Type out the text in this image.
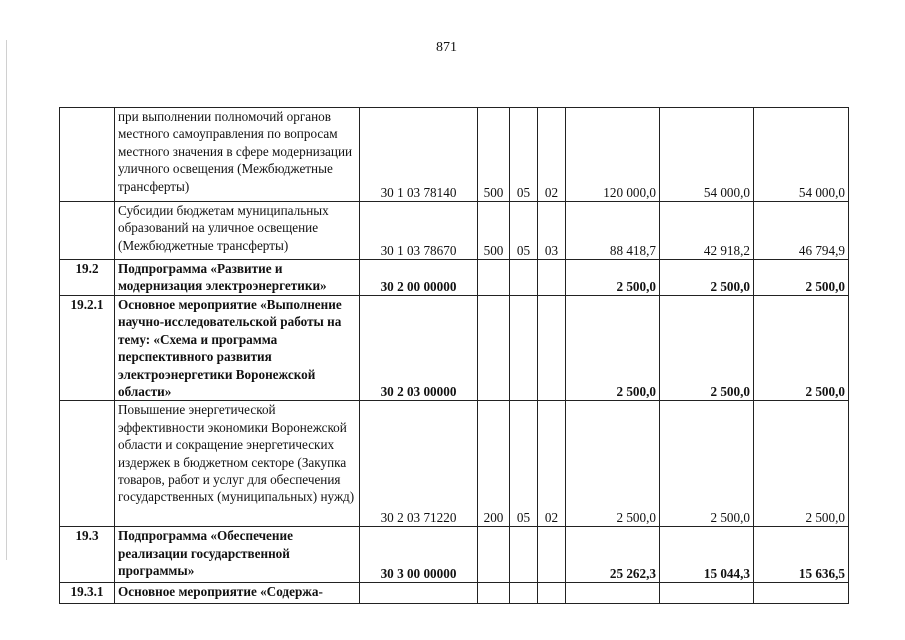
871
	при выполнении полномочий органов местного самоуправления по вопросам местного значения в сфере модернизации уличного освещения (Межбюджетные трансферты)	30 1 03 78140	500	05	02	120 000,0	54 000,0	54 000,0
	Субсидии бюджетам муниципальных образований на уличное освещение (Межбюджетные трансферты)	30 1 03 78670	500	05	03	88 418,7	42 918,2	46 794,9
19.2	Подпрограмма «Развитие и модернизация электроэнергетики»	30 2 00 00000				2 500,0	2 500,0	2 500,0
19.2.1	Основное мероприятие «Выполнение научно-исследовательской работы на тему: «Схема и программа перспективного развития электроэнергетики Воронежской области»	30 2 03 00000				2 500,0	2 500,0	2 500,0
	Повышение энергетической эффективности экономики Воронежской области и сокращение энергетических издержек в бюджетном секторе (Закупка товаров, работ и услуг для обеспечения государственных (муниципальных) нужд)	30 2 03 71220	200	05	02	2 500,0	2 500,0	2 500,0
19.3	Подпрограмма «Обеспечение реализации государственной программы»	30 3 00 00000				25 262,3	15 044,3	15 636,5
19.3.1	Основное мероприятие «Содержа-							
